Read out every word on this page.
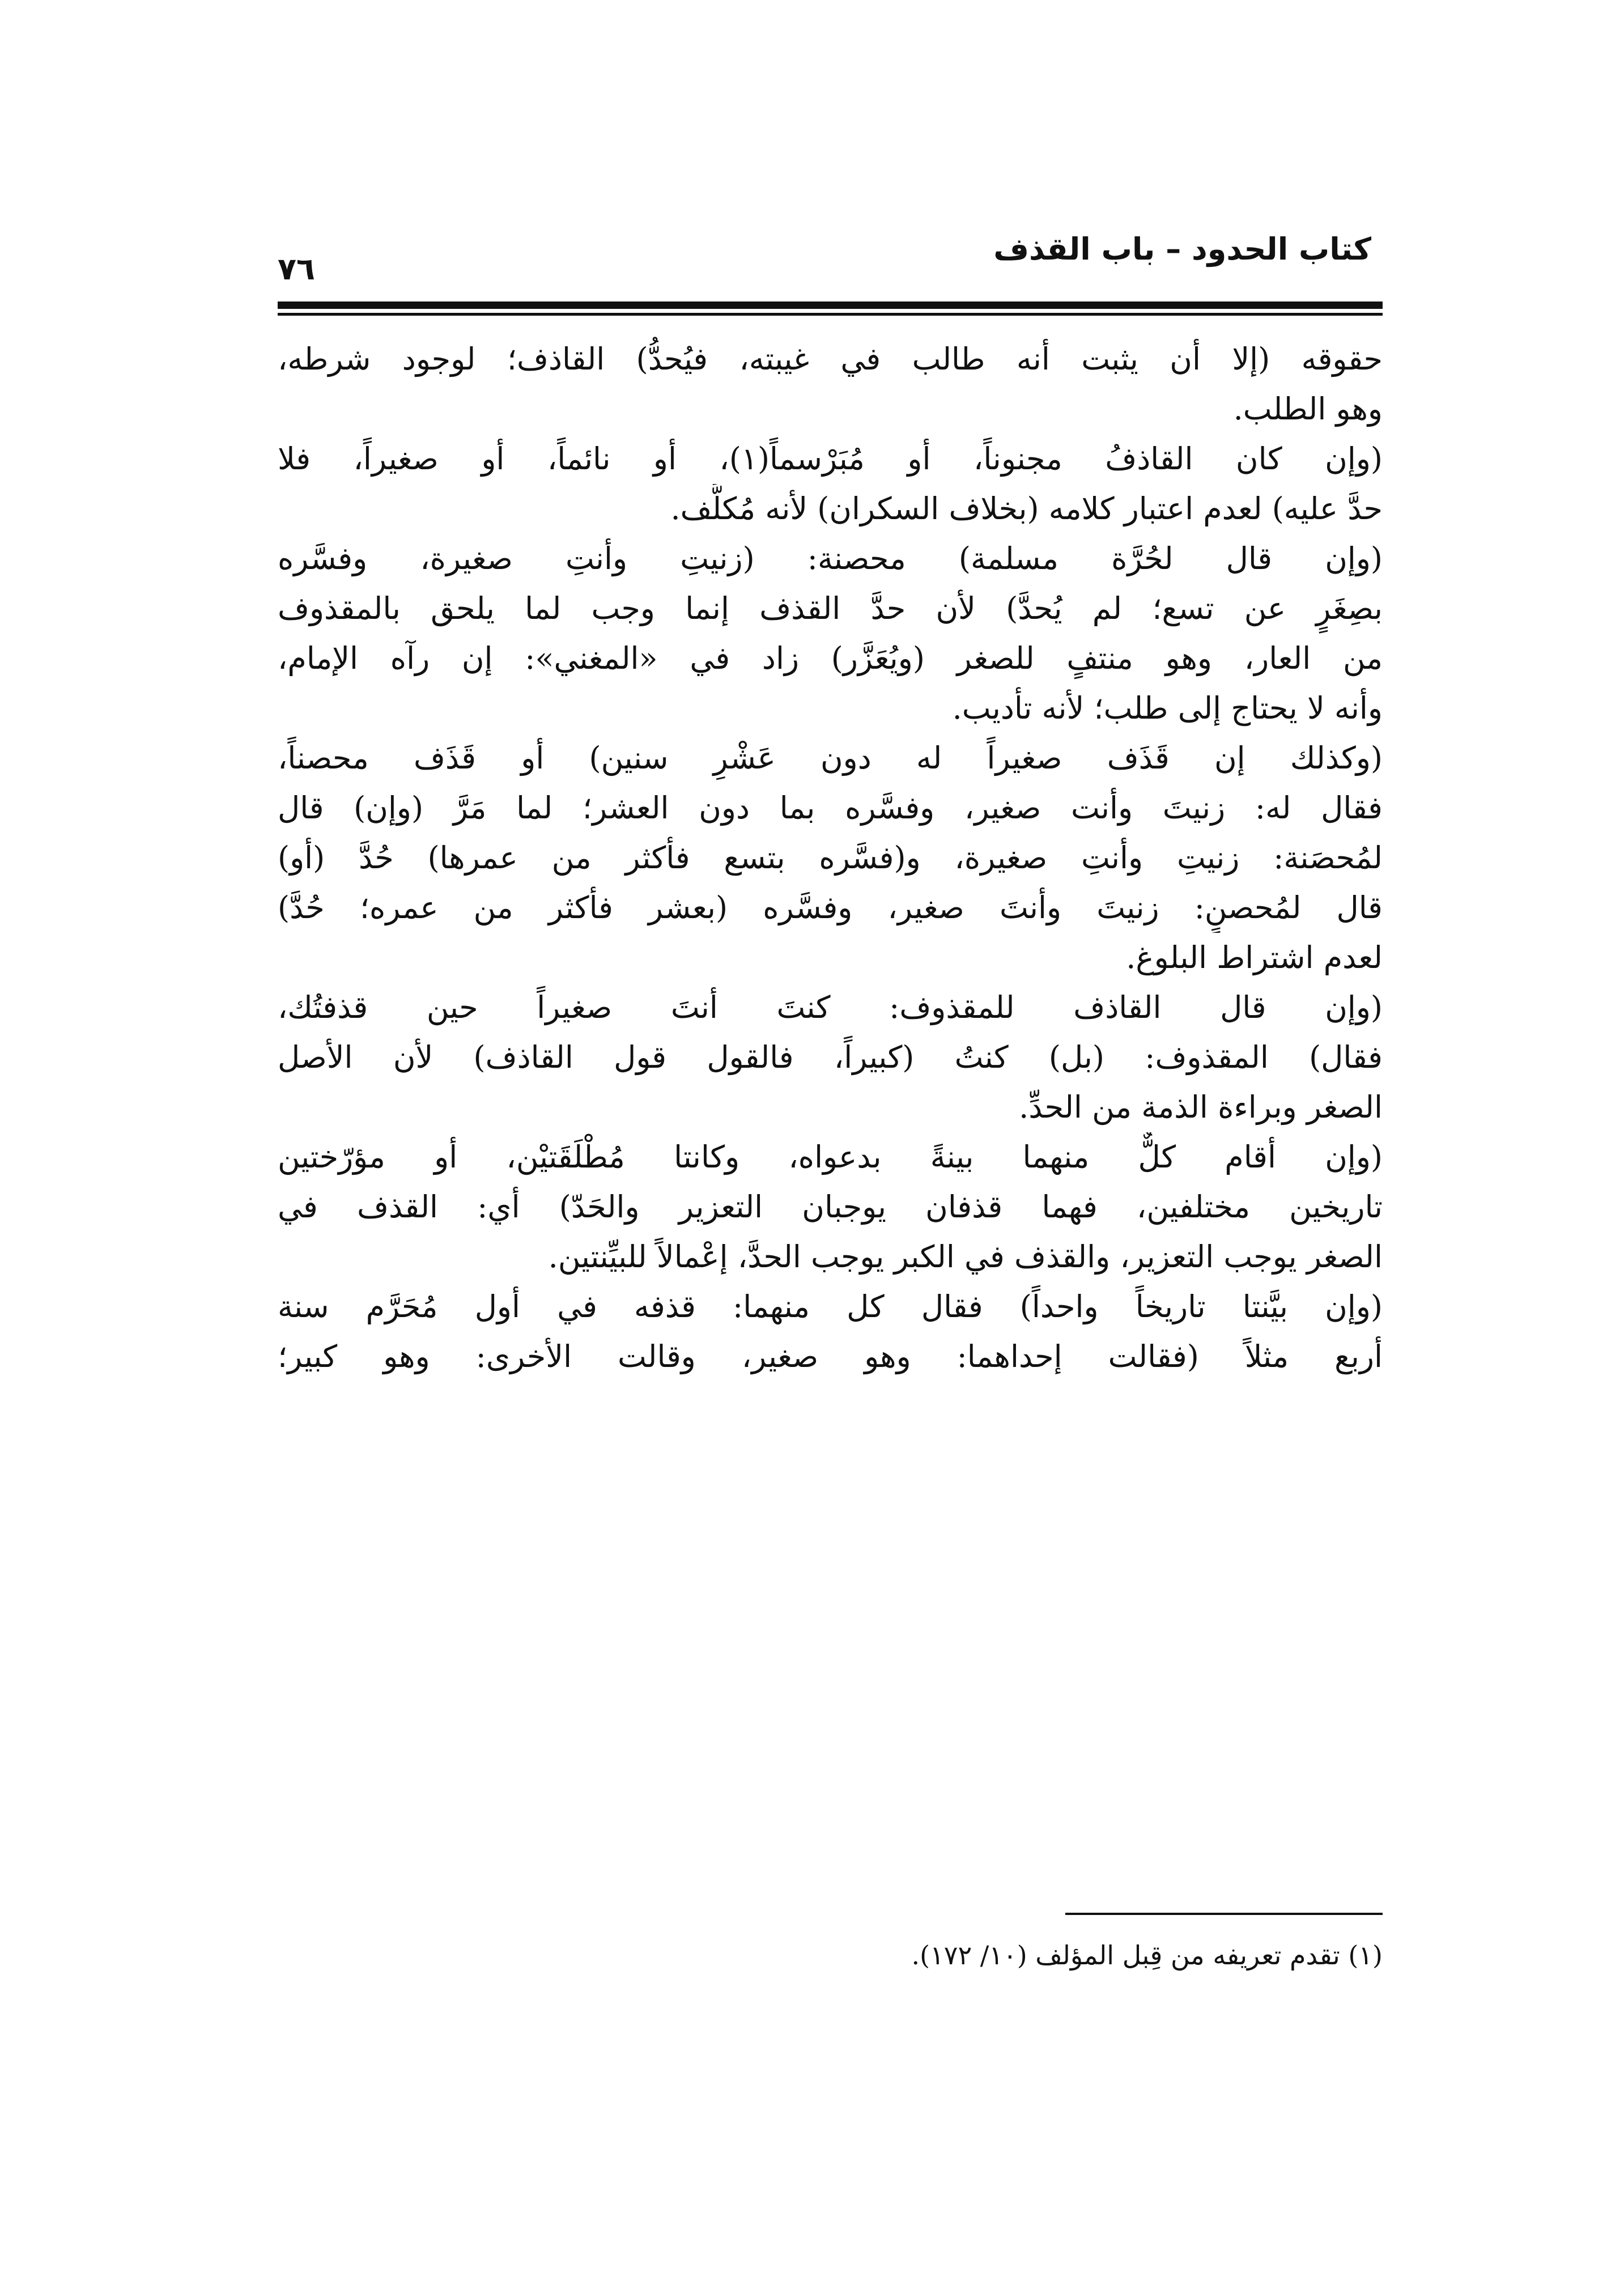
كتاب الحدود – باب القذف
٧٦
حقوقه (إلا أن يثبت أنه طالب في غيبته، فيُحدُّ) القاذف؛ لوجود شرطه،
وهو الطلب.
(وإن كان القاذفُ مجنوناً، أو مُبَرْسماً(١)، أو نائماً، أو صغيراً، فلا
حدَّ عليه) لعدم اعتبار كلامه (بخلاف السكران) لأنه مُكلَّف.
(وإن قال لحُرَّة مسلمة) محصنة: (زنيتِ وأنتِ صغيرة، وفسَّره
بصِغَرٍ عن تسع؛ لم يُحدَّ) لأن حدَّ القذف إنما وجب لما يلحق بالمقذوف
من العار، وهو منتفٍ للصغر (ويُعَزَّر) زاد في «المغني»: إن رآه الإمام،
وأنه لا يحتاج إلى طلب؛ لأنه تأديب.
(وكذلك إن قَذَف صغيراً له دون عَشْرِ سنين) أو قَذَف محصناً،
فقال له: زنيتَ وأنت صغير، وفسَّره بما دون العشر؛ لما مَرَّ (وإن) قال
لمُحصَنة: زنيتِ وأنتِ صغيرة، و(فسَّره بتسع فأكثر من عمرها) حُدَّ (أو)
قال لمُحصنٍ: زنيتَ وأنتَ صغير، وفسَّره (بعشر فأكثر من عمره؛ حُدَّ)
لعدم اشتراط البلوغ.
(وإن قال القاذف للمقذوف: كنتَ أنتَ صغيراً حين قذفتُك،
فقال) المقذوف: (بل) كنتُ (كبيراً، فالقول قول القاذف) لأن الأصل
الصغر وبراءة الذمة من الحدِّ.
(وإن أقام كلٌّ منهما بينةً بدعواه، وكانتا مُطْلَقَتيْن، أو مؤرّختين
تاريخين مختلفين، فهما قذفان يوجبان التعزير والحَدّ) أي: القذف في
الصغر يوجب التعزير، والقذف في الكبر يوجب الحدَّ، إعْمالاً للبيِّنتين.
(وإن بيَّنتا تاريخاً واحداً) فقال كل منهما: قذفه في أول مُحَرَّم سنة
أربع مثلاً (فقالت إحداهما: وهو صغير، وقالت الأخرى: وهو كبير؛
(١) تقدم تعريفه من قِبل المؤلف (١٠/ ١٧٢).
